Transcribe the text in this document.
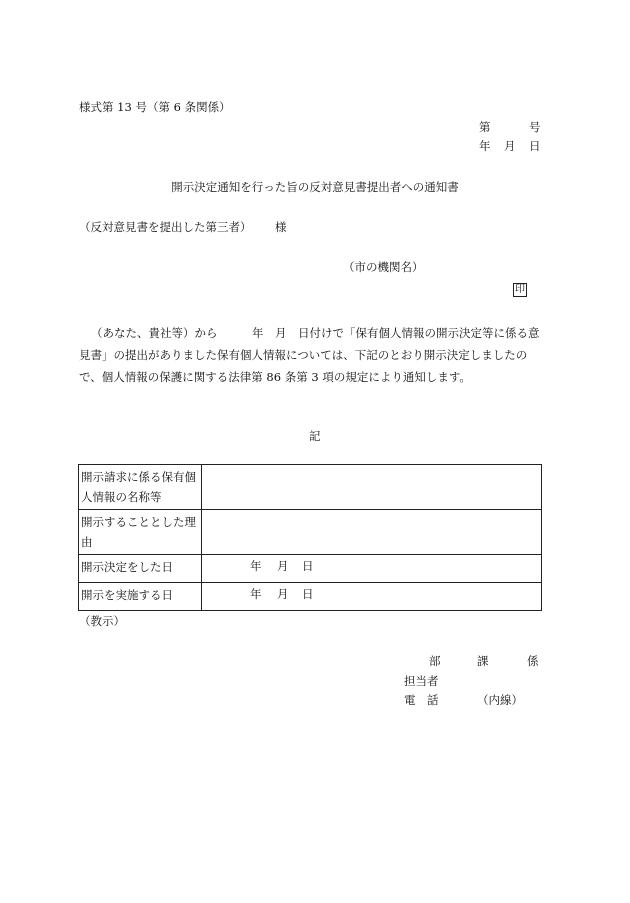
様式第 13 号（第 6 条関係）
第	号
年 月 日
開示決定通知を行った旨の反対意見書提出者への通知書
（反対意見書を提出した第三者） 様
（市の機関名）
印
（あなた、貴社等）から　　　年　月　日付けで「保有個人情報の開示決定等に係る意見書」の提出がありました保有個人情報については、下記のとおり開示決定しましたので、個人情報の保護に関する法律第 86 条第 3 項の規定により通知します。
記
開示請求に係る保有個人情報の名称等	
開示することとした理由	
開示決定をした日	年 月 日

開示を実施する日	年 月 日
（教示）
部	課	係
担当者
電　話	（内線）
